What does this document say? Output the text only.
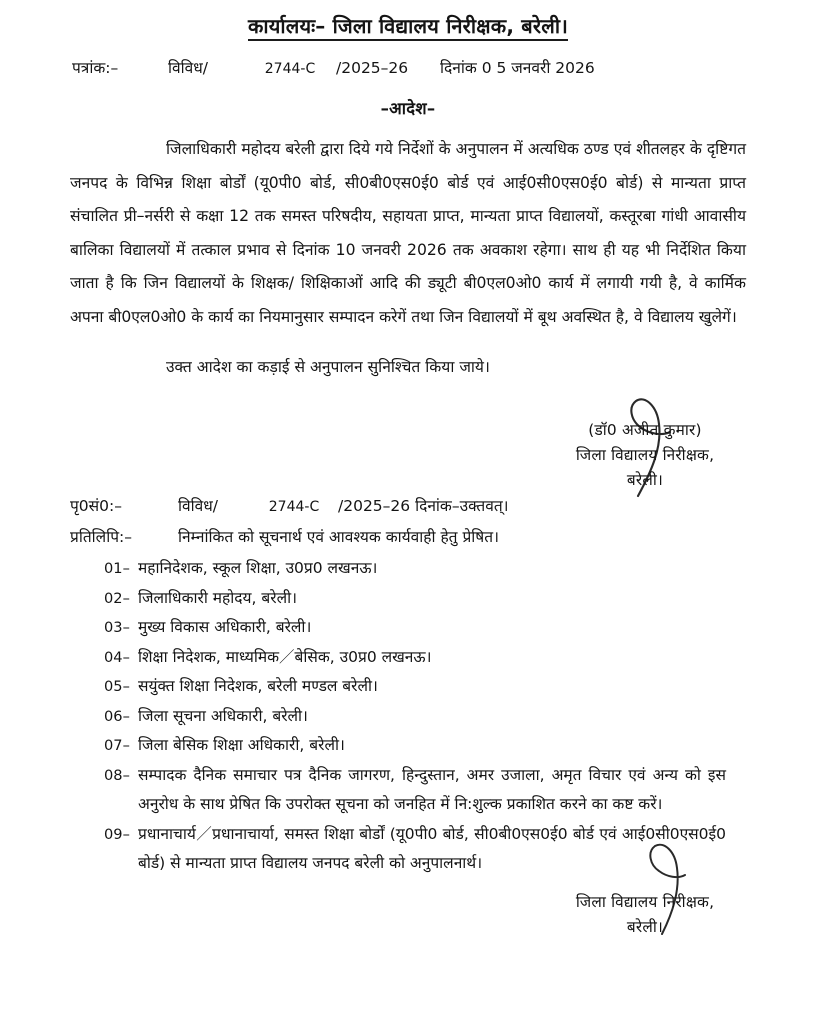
कार्यालयः– जिला विद्यालय निरीक्षक, बरेली।
पत्रांक:–	विविध/	2744-C	/2025–26	दिनांक 0 5 जनवरी 2026
–आदेश–

जिलाधिकारी महोदय बरेली द्वारा दिये गये निर्देशों के अनुपालन में अत्यधिक ठण्ड एवं शीतलहर के दृष्टिगत जनपद के विभिन्न शिक्षा बोर्डों (यू0पी0 बोर्ड, सी0बी0एस0ई0 बोर्ड एवं आई0सी0एस0ई0 बोर्ड) से मान्यता प्राप्त संचालित प्री–नर्सरी से कक्षा 12 तक समस्त परिषदीय, सहायता प्राप्त, मान्यता प्राप्त विद्यालयों, कस्तूरबा गांधी आवासीय बालिका विद्यालयों में तत्काल प्रभाव से दिनांक 10 जनवरी 2026 तक अवकाश रहेगा। साथ ही यह भी निर्देशित किया जाता है कि जिन विद्यालयों के शिक्षक/ शिक्षिकाओं आदि की ड्यूटी बी0एल0ओ0 कार्य में लगायी गयी है, वे कार्मिक अपना बी0एल0ओ0 के कार्य का नियमानुसार सम्पादन करेगें तथा जिन विद्यालयों में बूथ अवस्थित है, वे विद्यालय खुलेगें।

उक्त आदेश का कड़ाई से अनुपालन सुनिश्चित किया जाये।

(डॉ0 अजीत कुमार)
जिला विद्यालय निरीक्षक,
बरेली।
पृ0सं0:–	विविध/	2744-C /2025–26 दिनांक–उक्तवत्।
प्रतिलिपि:–	निम्नांकित को सूचनार्थ एवं आवश्यक कार्यवाही हेतु प्रेषित।
01– महानिदेशक, स्कूल शिक्षा, उ0प्र0 लखनऊ।
02– जिलाधिकारी महोदय, बरेली।
03– मुख्य विकास अधिकारी, बरेली।
04– शिक्षा निदेशक, माध्यमिक／बेसिक, उ0प्र0 लखनऊ।
05– सयुंक्त शिक्षा निदेशक, बरेली मण्डल बरेली।
06– जिला सूचना अधिकारी, बरेली।
07– जिला बेसिक शिक्षा अधिकारी, बरेली।
08– सम्पादक दैनिक समाचार पत्र दैनिक जागरण, हिन्दुस्तान, अमर उजाला, अमृत विचार एवं अन्य को इस अनुरोध के साथ प्रेषित कि उपरोक्त सूचना को जनहित में नि:शुल्क प्रकाशित करने का कष्ट करें।
09– प्रधानाचार्य／प्रधानाचार्या, समस्त शिक्षा बोर्डों (यू0पी0 बोर्ड, सी0बी0एस0ई0 बोर्ड एवं आई0सी0एस0ई0 बोर्ड) से मान्यता प्राप्त विद्यालय जनपद बरेली को अनुपालनार्थ।
जिला विद्यालय निरीक्षक,
बरेली।
